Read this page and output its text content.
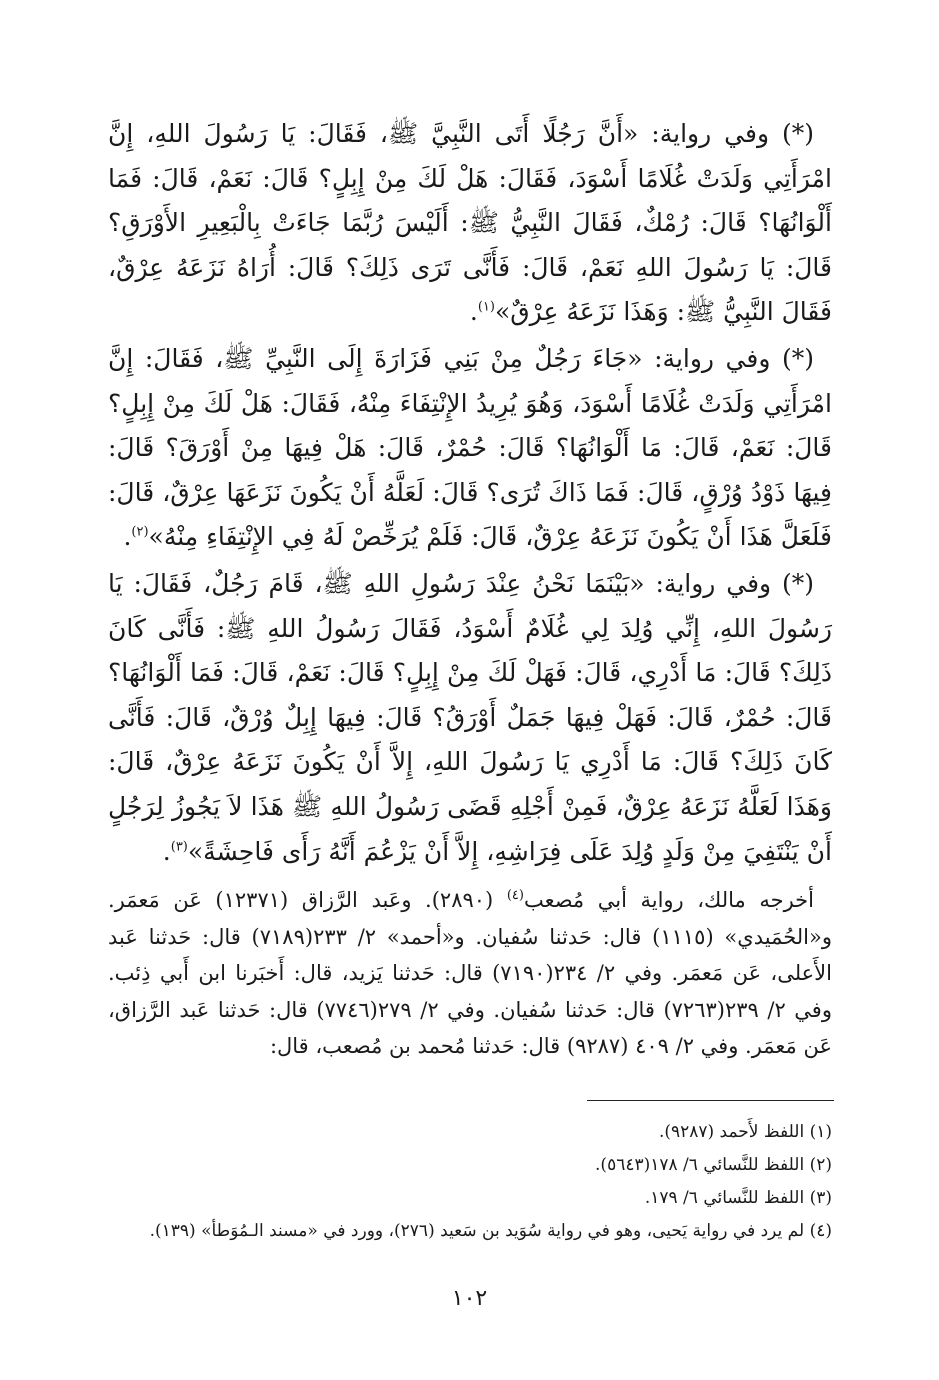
(*) وفي رواية: «أَنَّ رَجُلًا أَتَى النَّبِيَّ ﷺ، فَقَالَ: يَا رَسُولَ اللهِ، إِنَّ امْرَأَتِي وَلَدَتْ غُلَامًا أَسْوَدَ، فَقَالَ: هَلْ لَكَ مِنْ إِبِلٍ؟ قَالَ: نَعَمْ، قَالَ: فَمَا أَلْوَانُهَا؟ قَالَ: رُمْكٌ، فَقَالَ النَّبِيُّ ﷺ: أَلَيْسَ رُبَّمَا جَاءَتْ بِالْبَعِيرِ الأَوْرَقِ؟ قَالَ: يَا رَسُولَ اللهِ نَعَمْ، قَالَ: فَأَنَّى تَرَى ذَلِكَ؟ قَالَ: أُرَاهُ نَزَعَهُ عِرْقٌ، فَقَالَ النَّبِيُّ ﷺ: وَهَذَا نَزَعَهُ عِرْقٌ»$^{(١)}$.

(*) وفي رواية: «جَاءَ رَجُلٌ مِنْ بَنِي فَزَارَةَ إِلَى النَّبِيِّ ﷺ، فَقَالَ: إِنَّ امْرَأَتِي وَلَدَتْ غُلَامًا أَسْوَدَ، وَهُوَ يُرِيدُ الإِنْتِفَاءَ مِنْهُ، فَقَالَ: هَلْ لَكَ مِنْ إِبِلٍ؟ قَالَ: نَعَمْ، قَالَ: مَا أَلْوَانُهَا؟ قَالَ: حُمْرٌ، قَالَ: هَلْ فِيهَا مِنْ أَوْرَقَ؟ قَالَ: فِيهَا ذَوْدُ وُرْقٍ، قَالَ: فَمَا ذَاكَ تُرَى؟ قَالَ: لَعَلَّهُ أَنْ يَكُونَ نَزَعَهَا عِرْقٌ، قَالَ: فَلَعَلَّ هَذَا أَنْ يَكُونَ نَزَعَهُ عِرْقٌ، قَالَ: فَلَمْ يُرَخِّصْ لَهُ فِي الإِنْتِفَاءِ مِنْهُ»$^{(٢)}$.

(*) وفي رواية: «بَيْنَمَا نَحْنُ عِنْدَ رَسُولِ اللهِ ﷺ، قَامَ رَجُلٌ، فَقَالَ: يَا رَسُولَ اللهِ، إِنِّي وُلِدَ لِي غُلَامٌ أَسْوَدُ، فَقَالَ رَسُولُ اللهِ ﷺ: فَأَنَّى كَانَ ذَلِكَ؟ قَالَ: مَا أَدْرِي، قَالَ: فَهَلْ لَكَ مِنْ إِبِلٍ؟ قَالَ: نَعَمْ، قَالَ: فَمَا أَلْوَانُهَا؟ قَالَ: حُمْرٌ، قَالَ: فَهَلْ فِيهَا جَمَلٌ أَوْرَقُ؟ قَالَ: فِيهَا إِبِلٌ وُرْقٌ، قَالَ: فَأَنَّى كَانَ ذَلِكَ؟ قَالَ: مَا أَدْرِي يَا رَسُولَ اللهِ، إِلاَّ أَنْ يَكُونَ نَزَعَهُ عِرْقٌ، قَالَ: وَهَذَا لَعَلَّهُ نَزَعَهُ عِرْقٌ، فَمِنْ أَجْلِهِ قَضَى رَسُولُ اللهِ ﷺ هَذَا لاَ يَجُوزُ لِرَجُلٍ أَنْ يَنْتَفِيَ مِنْ وَلَدٍ وُلِدَ عَلَى فِرَاشِهِ، إِلاَّ أَنْ يَزْعُمَ أَنَّهُ رَأَى فَاحِشَةً»$^{(٣)}$.

أخرجه مالك، رواية أبي مُصعب$^{(٤)}$ (٢٨٩٠). وعَبد الرَّزاق (١٢٣٧١) عَن مَعمَر. و«الحُمَيدي» (١١١٥) قال: حَدثنا سُفيان. و«أحمد» ٢/ ٢٣٣(٧١٨٩) قال: حَدثنا عَبد الأَعلى، عَن مَعمَر. وفي ٢/ ٢٣٤(٧١٩٠) قال: حَدثنا يَزيد، قال: أَخبَرنا ابن أَبي ذِئب. وفي ٢/ ٢٣٩(٧٢٦٣) قال: حَدثنا سُفيان. وفي ٢/ ٢٧٩(٧٧٤٦) قال: حَدثنا عَبد الرَّزاق، عَن مَعمَر. وفي ٢/ ٤٠٩ (٩٢٨٧) قال: حَدثنا مُحمد بن مُصعب، قال:

(١) اللفظ لأَحمد (٩٢٨٧).

(٢) اللفظ للنَّسائي ٦/ ١٧٨(٥٦٤٣).

(٣) اللفظ للنَّسائي ٦/ ١٧٩.

(٤) لم يرد في رواية يَحيى، وهو في رواية سُوَيد بن سَعيد (٢٧٦)، وورد في «مسند الـمُوَطأ» (١٣٩).

١٠٢
